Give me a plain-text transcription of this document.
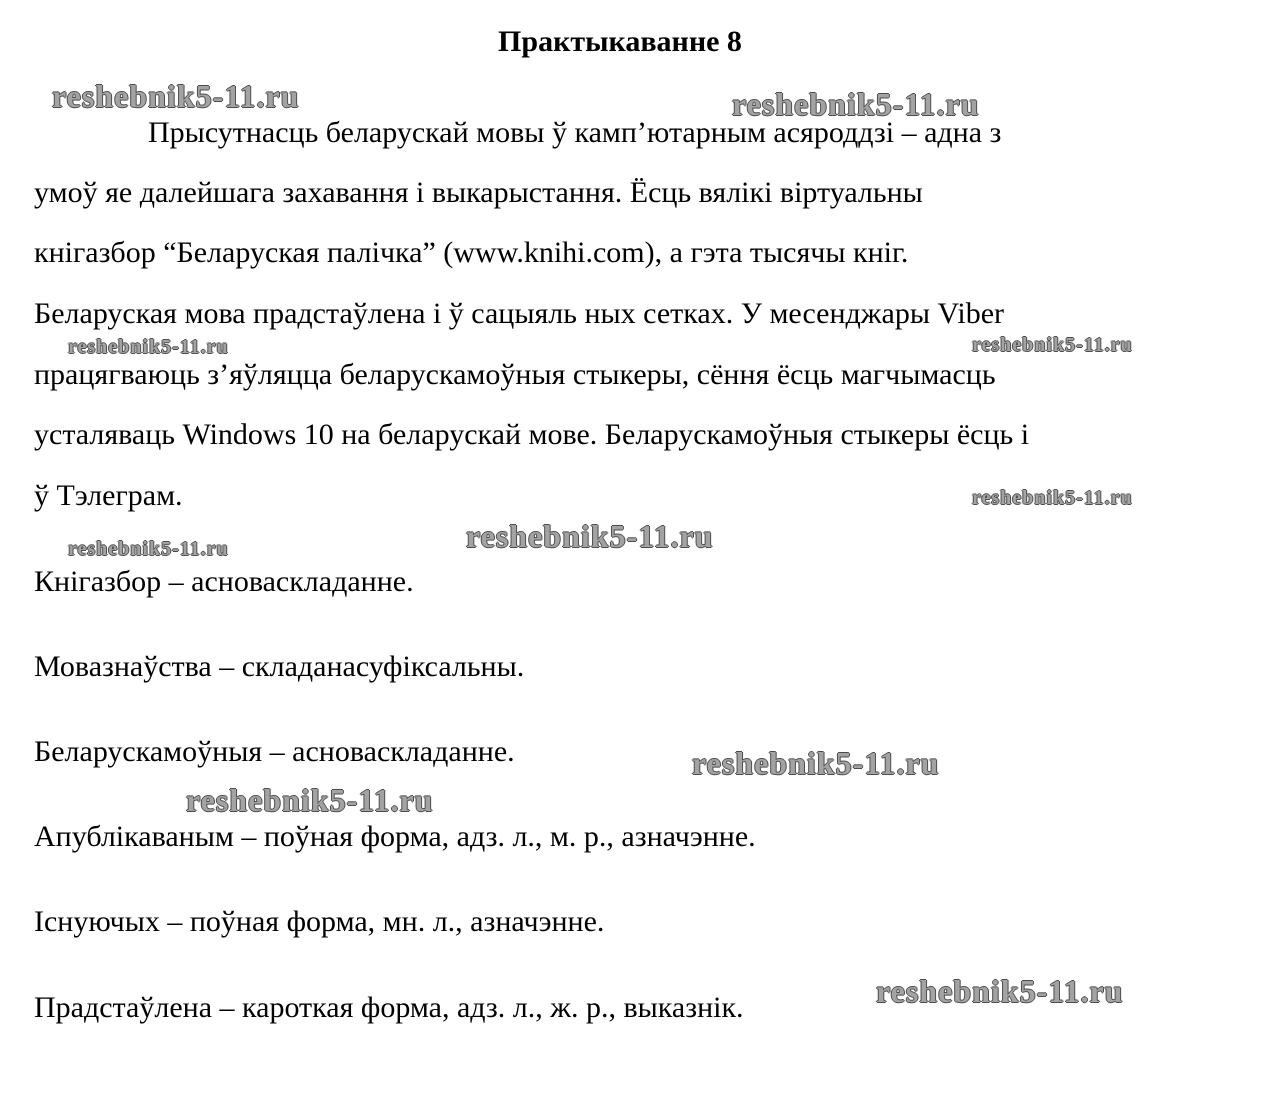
Практыкаванне 8
Прысутнасць беларускай мовы ў камп’ютарным асяроддзі – адна з
умоў яе далейшага захавання і выкарыстання. Ёсць вялікі віртуальны
кнігазбор “Беларуская палічка” (www.knihi.com), а гэта тысячы кніг.
Беларуская мова прадстаўлена і ў сацыяль ных сетках. У месенджары Viber
працягваюць з’яўляцца беларускамоўныя стыкеры, сёння ёсць магчымасць
усталяваць Windows 10 на беларускай мове. Беларускамоўныя стыкеры ёсць і
ў Тэлеграм.
Кнігазбор – асноваскладанне.
Мовазнаўства – складанасуфіксальны.
Беларускамоўныя – асноваскладанне.
Апублікаваным – поўная форма, адз. л., м. р., азначэнне.
Існуючых – поўная форма, мн. л., азначэнне.
Прадстаўлена – кароткая форма, адз. л., ж. р., выказнік.
reshebnik5-11.ru	reshebnik5-11.ru
reshebnik5-11.ru	reshebnik5-11.ru
reshebnik5-11.ru
reshebnik5-11.ru
reshebnik5-11.ru
reshebnik5-11.ru
reshebnik5-11.ru
reshebnik5-11.ru
